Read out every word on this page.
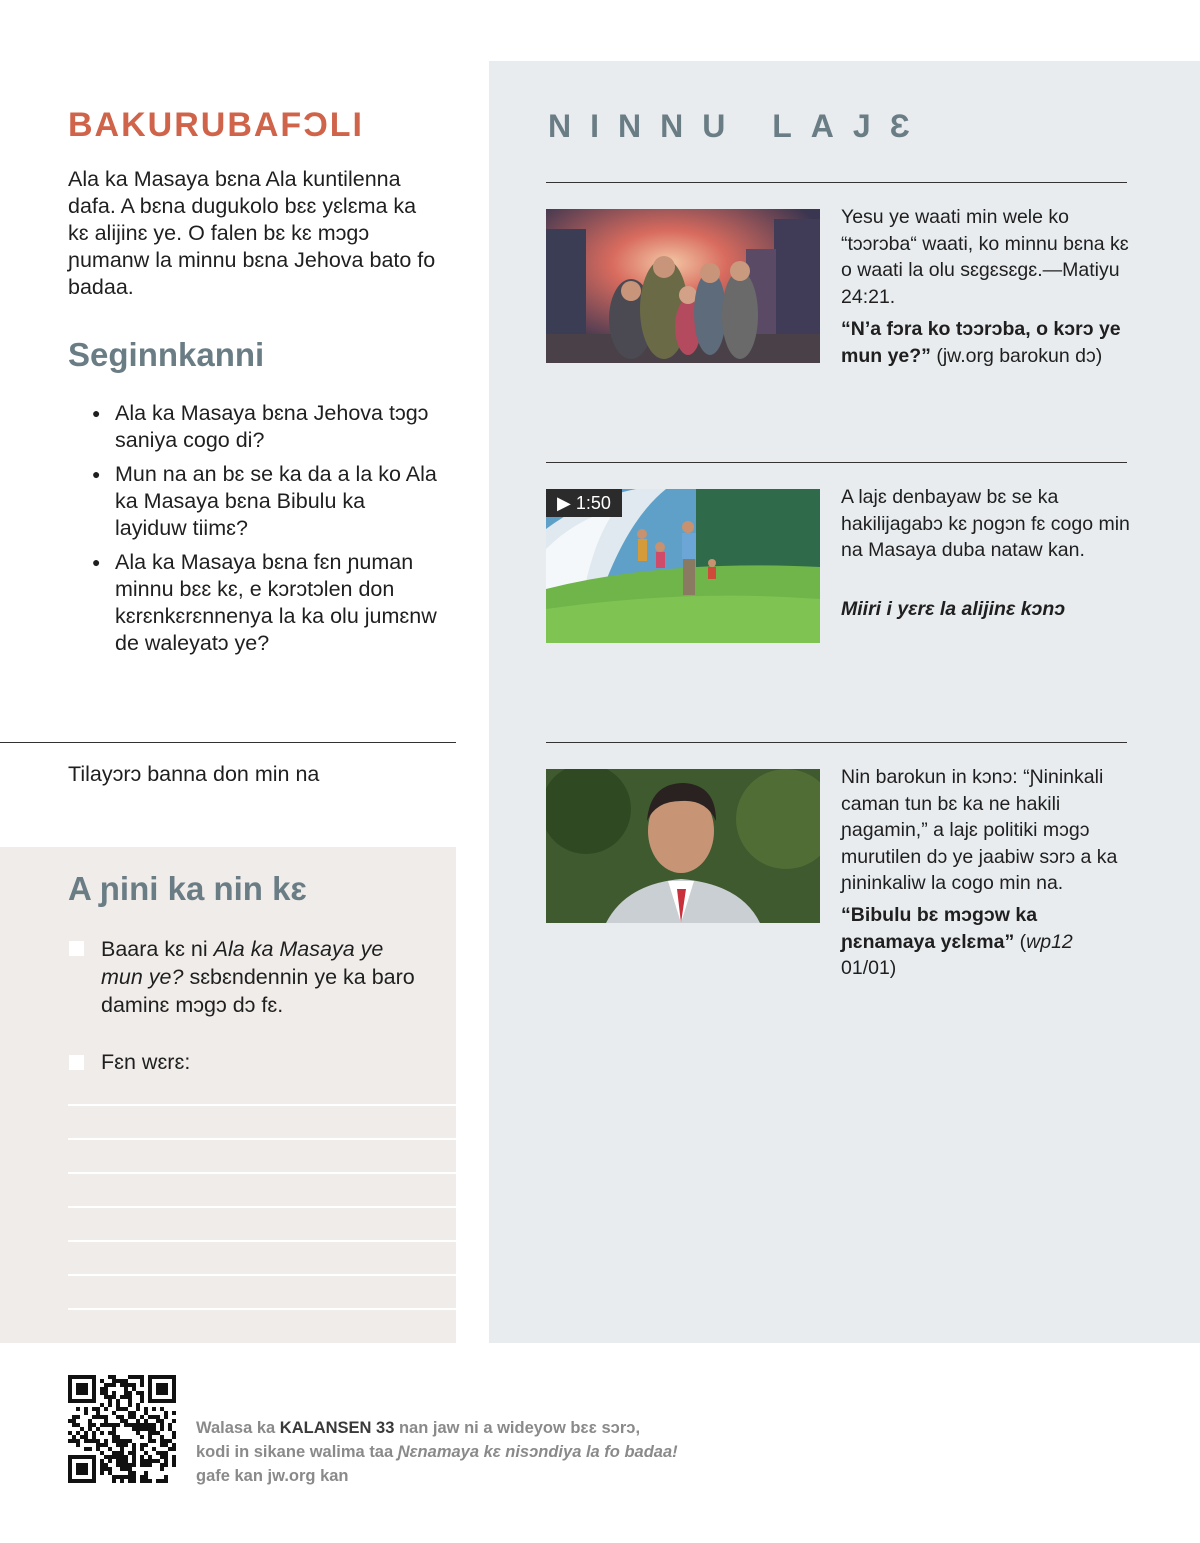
BAKURUBAFƆLI

Ala ka Masaya bɛna Ala kuntilenna dafa. A bɛna dugukolo bɛɛ yɛlɛma ka kɛ alijinɛ ye. O falen bɛ kɛ mɔgɔ ɲumanw la minnu bɛna Jehova bato fo badaa.

Seginnkanni
● Ala ka Masaya bɛna Jehova tɔgɔ saniya cogo di?
● Mun na an bɛ se ka da a la ko Ala ka Masaya bɛna Bibulu ka layiduw tiimɛ?
● Ala ka Masaya bɛna fɛn ɲuman minnu bɛɛ kɛ, e kɔrɔtɔlen don kɛrɛnkɛrɛnnenya la ka olu jumɛnw de waleyatɔ ye?

Tilayɔrɔ banna don min na

A ɲini ka nin kɛ

Baara kɛ ni Ala ka Masaya ye mun ye? sɛbɛndennin ye ka baro daminɛ mɔgɔ dɔ fɛ.

Fɛn wɛrɛ:

NINNU LAJƐ

Yesu ye waati min wele ko “tɔɔrɔba“ waati, ko minnu bɛna kɛ o waati la olu sɛgɛsɛgɛ.—Matiyu 24:21.

“N’a fɔra ko tɔɔrɔba, o kɔrɔ ye mun ye?” (jw.org barokun dɔ)

▶ 1:50	A lajɛ denbayaw bɛ se ka hakilijagabɔ kɛ ɲogɔn fɛ cogo min na Masaya duba nataw kan.

Miiri i yɛrɛ la alijinɛ kɔnɔ

Nin barokun in kɔnɔ: “Ɲininkali caman tun bɛ ka ne hakili ɲagamin,” a lajɛ politiki mɔgɔ murutilen dɔ ye jaabiw sɔrɔ a ka ɲininkaliw la cogo min na.

“Bibulu bɛ mɔgɔw ka ɲɛnamaya yɛlɛma” (wp12 01/01)

Walasa ka KALANSEN 33 nan jaw ni a wideyow bɛɛ sɔrɔ,
kodi in sikane walima taa Ɲɛnamaya kɛ nisɔndiya la fo badaa!
gafe kan jw.org kan
